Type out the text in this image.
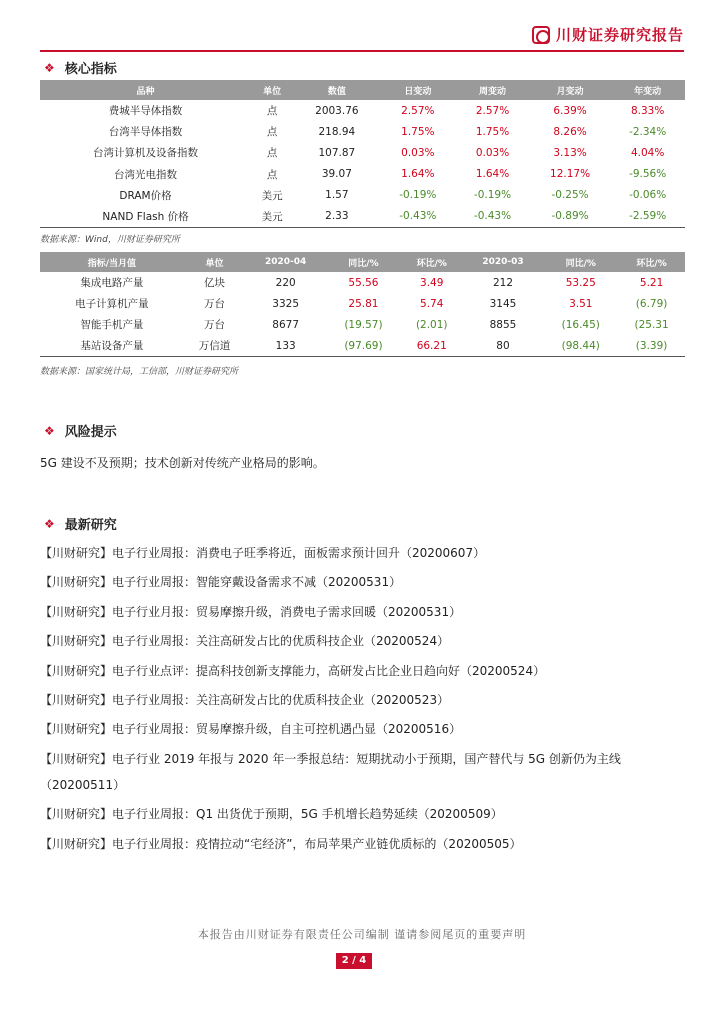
川财证券研究报告
❖ 核心指标
品种	单位	数值	日变动	周变动	月变动	年变动
费城半导体指数	点	2003.76	2.57%	2.57%	6.39%	8.33%
台湾半导体指数	点	218.94	1.75%	1.75%	8.26%	-2.34%
台湾计算机及设备指数	点	107.87	0.03%	0.03%	3.13%	4.04%
台湾光电指数	点	39.07	1.64%	1.64%	12.17%	-9.56%
DRAM价格	美元	1.57	-0.19%	-0.19%	-0.25%	-0.06%
NAND Flash 价格	美元	2.33	-0.43%	-0.43%	-0.89%	-2.59%
数据来源：Wind，川财证券研究所
指标/当月值	单位	2020-04	同比/%	环比/%	2020-03	同比/%	环比/%
集成电路产量	亿块	220	55.56	3.49	212	53.25	5.21
电子计算机产量	万台	3325	25.81	5.74	3145	3.51	(6.79)
智能手机产量	万台	8677	(19.57)	(2.01)	8855	(16.45)	(25.31
基站设备产量	万信道	133	(97.69)	66.21	80	(98.44)	(3.39)
数据来源：国家统计局，工信部，川财证券研究所
❖ 风险提示
5G 建设不及预期；技术创新对传统产业格局的影响。
❖ 最新研究
【川财研究】电子行业周报：消费电子旺季将近，面板需求预计回升（20200607）
【川财研究】电子行业周报：智能穿戴设备需求不减（20200531）
【川财研究】电子行业月报：贸易摩擦升级，消费电子需求回暖（20200531）
【川财研究】电子行业周报：关注高研发占比的优质科技企业（20200524）
【川财研究】电子行业点评：提高科技创新支撑能力，高研发占比企业日趋向好（20200524）
【川财研究】电子行业周报：关注高研发占比的优质科技企业（20200523）
【川财研究】电子行业周报：贸易摩擦升级，自主可控机遇凸显（20200516）
【川财研究】电子行业 2019 年报与 2020 年一季报总结：短期扰动小于预期，国产替代与 5G 创新仍为主线（20200511）
【川财研究】电子行业周报：Q1 出货优于预期，5G 手机增长趋势延续（20200509）
【川财研究】电子行业周报：疫情拉动“宅经济”，布局苹果产业链优质标的（20200505）
本报告由川财证券有限责任公司编制 谨请参阅尾页的重要声明
2 / 4
